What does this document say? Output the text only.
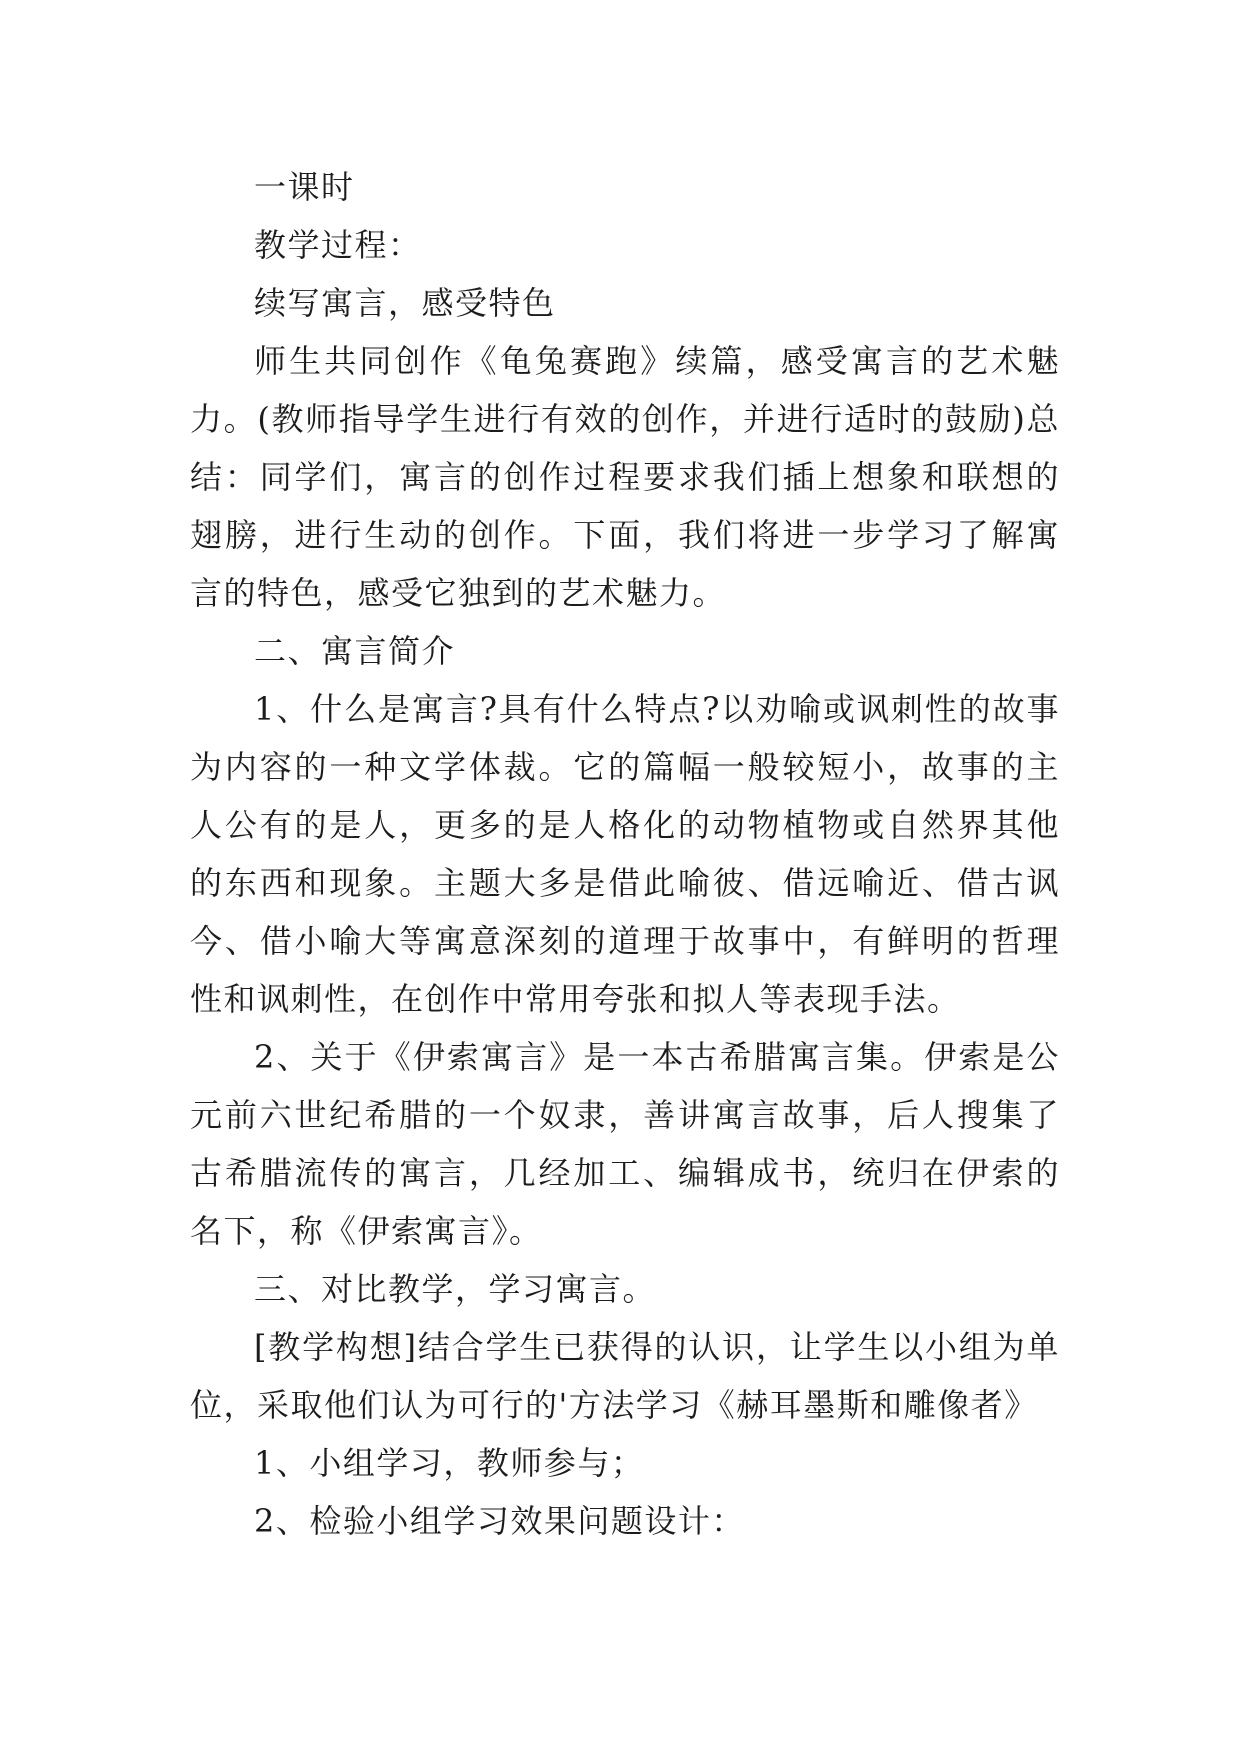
一课时

教学过程：

续写寓言，感受特色

师生共同创作《龟兔赛跑》续篇，感受寓言的艺术魅力。(教师指导学生进行有效的创作，并进行适时的鼓励)总结：同学们，寓言的创作过程要求我们插上想象和联想的翅膀，进行生动的创作。下面，我们将进一步学习了解寓言的特色，感受它独到的艺术魅力。

二、寓言简介

1、什么是寓言?具有什么特点?以劝喻或讽刺性的故事为内容的一种文学体裁。它的篇幅一般较短小，故事的主人公有的是人，更多的是人格化的动物植物或自然界其他的东西和现象。主题大多是借此喻彼、借远喻近、借古讽今、借小喻大等寓意深刻的道理于故事中，有鲜明的哲理性和讽刺性，在创作中常用夸张和拟人等表现手法。

2、关于《伊索寓言》是一本古希腊寓言集。伊索是公元前六世纪希腊的一个奴隶，善讲寓言故事，后人搜集了古希腊流传的寓言，几经加工、编辑成书，统归在伊索的名下，称《伊索寓言》。

三、对比教学，学习寓言。

[教学构想]结合学生已获得的认识，让学生以小组为单位，采取他们认为可行的'方法学习《赫耳墨斯和雕像者》

1、小组学习，教师参与；

2、检验小组学习效果问题设计：
